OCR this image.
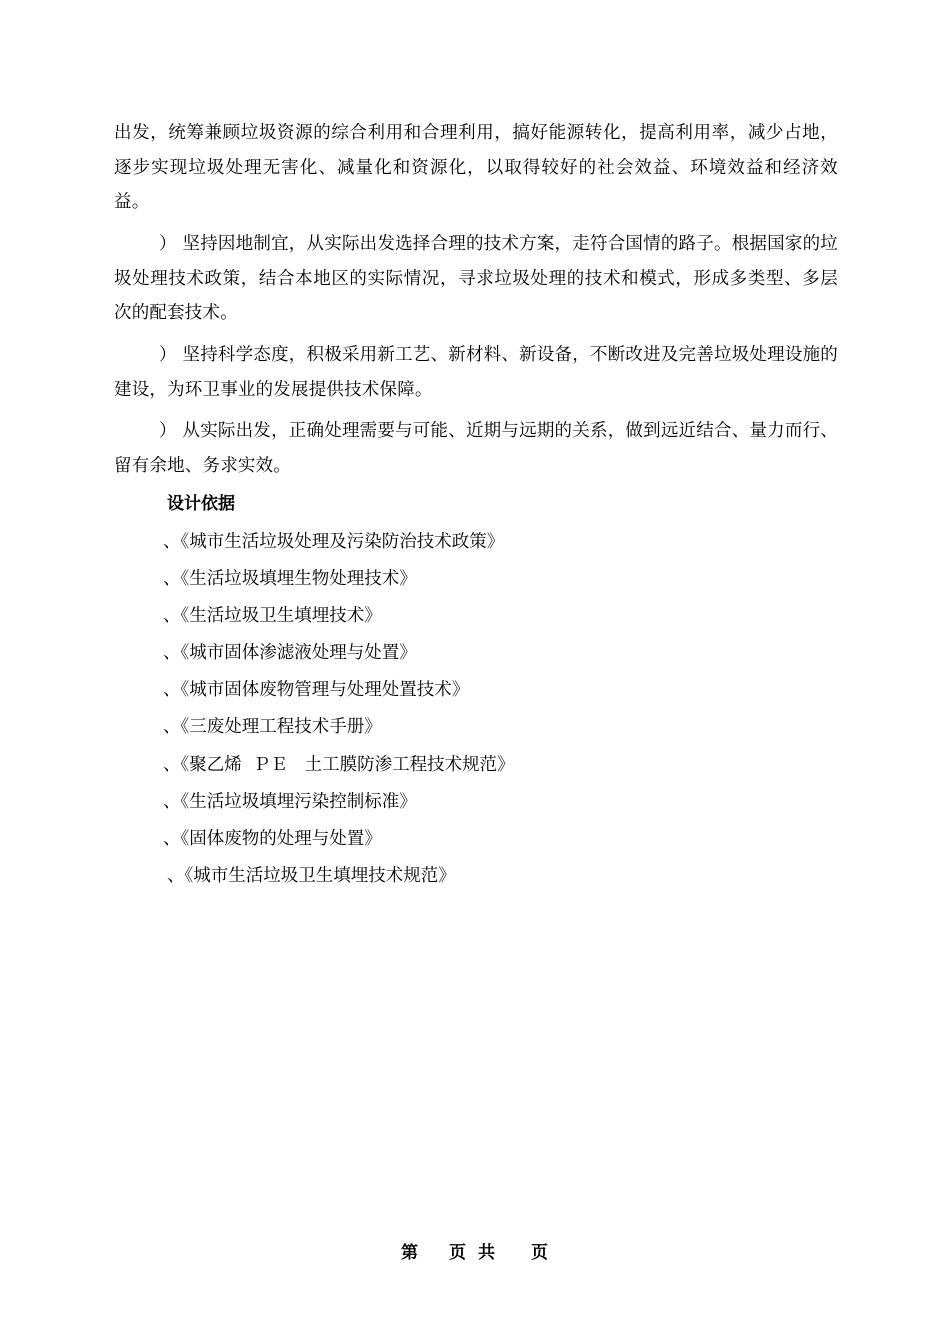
出发，统筹兼顾垃圾资源的综合利用和合理利用，搞好能源转化，提高利用率，减少占地，逐步实现垃圾处理无害化、减量化和资源化，以取得较好的社会效益、环境效益和经济效益。

） 坚持因地制宜，从实际出发选择合理的技术方案，走符合国情的路子。根据国家的垃圾处理技术政策，结合本地区的实际情况，寻求垃圾处理的技术和模式，形成多类型、多层次的配套技术。

） 坚持科学态度，积极采用新工艺、新材料、新设备，不断改进及完善垃圾处理设施的建设，为环卫事业的发展提供技术保障。

） 从实际出发，正确处理需要与可能、近期与远期的关系，做到远近结合、量力而行、留有余地、务求实效。

设计依据

、《城市生活垃圾处理及污染防治技术政策》

、《生活垃圾填埋生物处理技术》

、《生活垃圾卫生填埋技术》

、《城市固体渗滤液处理与处置》

、《城市固体废物管理与处理处置技术》

、《三废处理工程技术手册》

、《聚乙烯  ＰＥ   土工膜防渗工程技术规范》

、《生活垃圾填埋污染控制标准》

、《固体废物的处理与处置》

、《城市生活垃圾卫生填埋技术规范》

第 页 共 页
